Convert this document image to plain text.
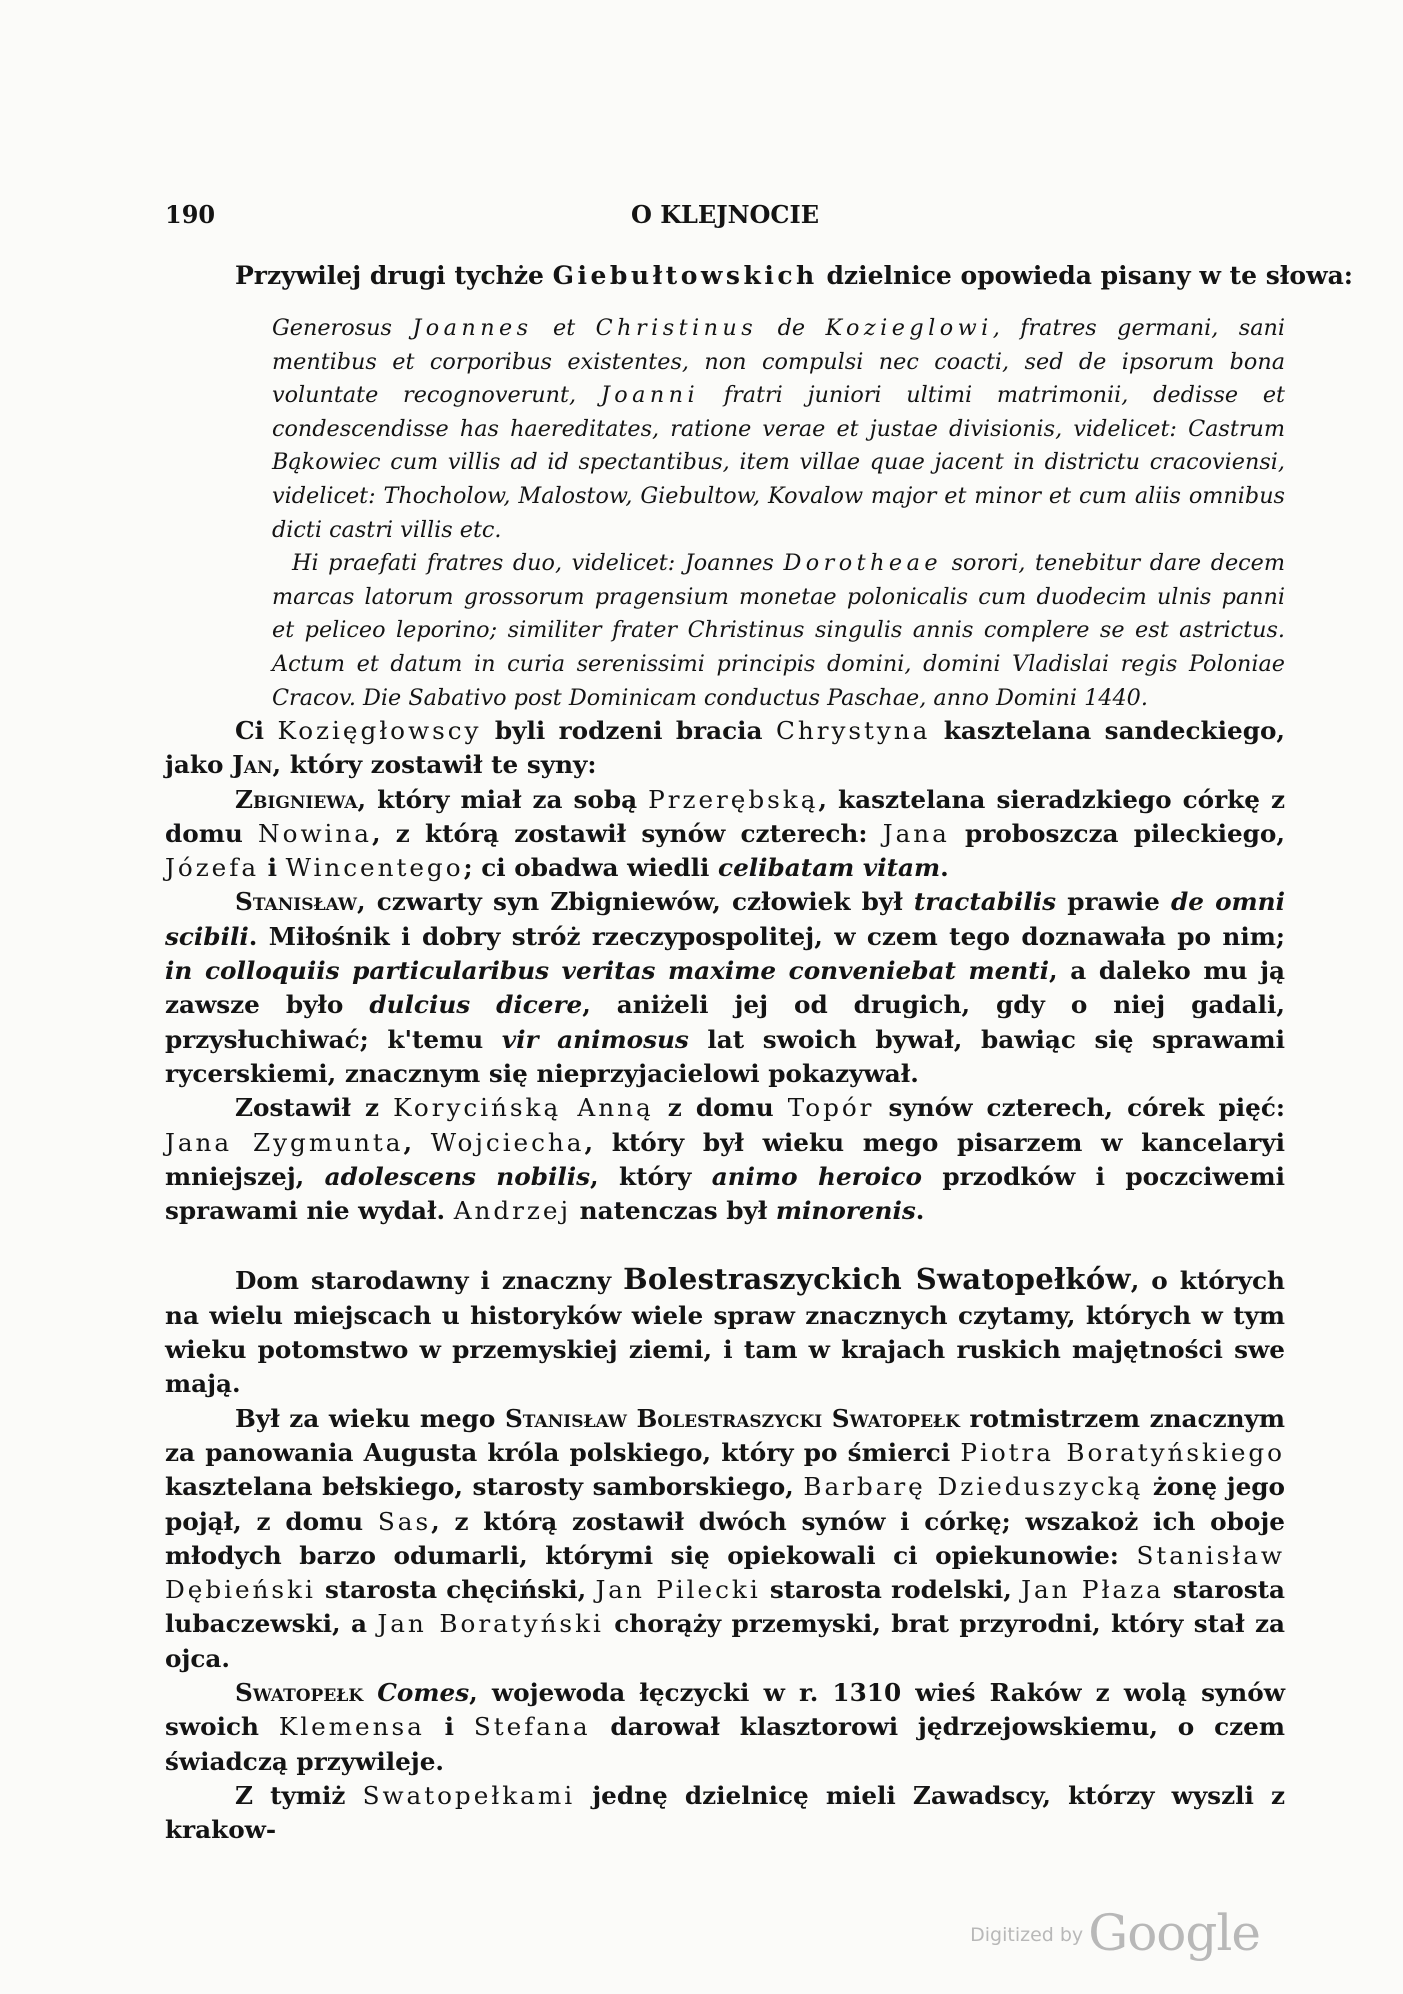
190	O KLEJNOCIE
Przywilej drugi tychże Giebułtowskich dzielnice opowieda pisany w te słowa:

Generosus Joannes et Christinus de Kozieglowi, fratres germani, sani mentibus et corporibus existentes, non compulsi nec coacti, sed de ipsorum bona voluntate recognoverunt, Joanni fratri juniori ultimi matrimonii, dedisse et condescendisse has haereditates, ratione verae et justae divisionis, videlicet: Castrum Bąkowiec cum villis ad id spectantibus, item villae quae jacent in districtu cracoviensi, videlicet: Thocholow, Malostow, Giebultow, Kovalow major et minor et cum aliis omnibus dicti castri villis etc.

Hi praefati fratres duo, videlicet: Joannes Dorotheae sorori, tenebitur dare decem marcas latorum grossorum pragensium monetae polonicalis cum duodecim ulnis panni et peliceo leporino; similiter frater Christinus singulis annis complere se est astrictus. Actum et datum in curia serenissimi principis domini, domini Vladislai regis Poloniae Cracov. Die Sabativo post Dominicam conductus Paschae, anno Domini 1440.

Ci Kozięgłowscy byli rodzeni bracia Chrystyna kasztelana sandeckiego, jako Jan, który zostawił te syny:

Zbigniewa, który miał za sobą Przerębską, kasztelana sieradzkiego córkę z domu Nowina, z którą zostawił synów czterech: Jana proboszcza pileckiego, Józefa i Wincentego; ci obadwa wiedli celibatam vitam.

Stanisław, czwarty syn Zbigniewów, człowiek był tractabilis prawie de omni scibili. Miłośnik i dobry stróż rzeczypospolitej, w czem tego doznawała po nim; in colloquiis particularibus veritas maxime conveniebat menti, a daleko mu ją zawsze było dulcius dicere, aniżeli jej od drugich, gdy o niej gadali, przysłuchiwać; k'temu vir animosus lat swoich bywał, bawiąc się sprawami rycerskiemi, znacznym się nieprzyjacielowi pokazywał.

Zostawił z Korycińską Anną z domu Topór synów czterech, córek pięć: Jana Zygmunta, Wojciecha, który był wieku mego pisarzem w kancelaryi mniejszej, adolescens nobilis, który animo heroico przodków i poczciwemi sprawami nie wydał. Andrzej natenczas był minorenis.

Dom starodawny i znaczny Bolestraszyckich Swatopełków, o których na wielu miejscach u historyków wiele spraw znacznych czytamy, których w tym wieku potomstwo w przemyskiej ziemi, i tam w krajach ruskich majętności swe mają.

Był za wieku mego Stanisław Bolestraszycki Swatopełk rotmistrzem znacznym za panowania Augusta króla polskiego, który po śmierci Piotra Boratyńskiego kasztelana bełskiego, starosty samborskiego, Barbarę Dzieduszycką żonę jego pojął, z domu Sas, z którą zostawił dwóch synów i córkę; wszakoż ich oboje młodych barzo odumarli, którymi się opiekowali ci opiekunowie: Stanisław Dębieński starosta chęciński, Jan Pilecki starosta rodelski, Jan Płaza starosta lubaczewski, a Jan Boratyński chorąży przemyski, brat przyrodni, który stał za ojca.

Swatopełk Comes, wojewoda łęczycki w r. 1310 wieś Raków z wolą synów swoich Klemensa i Stefana darował klasztorowi jędrzejowskiemu, o czem świadczą przywileje.

Z tymiż Swatopełkami jednę dzielnicę mieli Zawadscy, którzy wyszli z krakow-

Digitized by Google
